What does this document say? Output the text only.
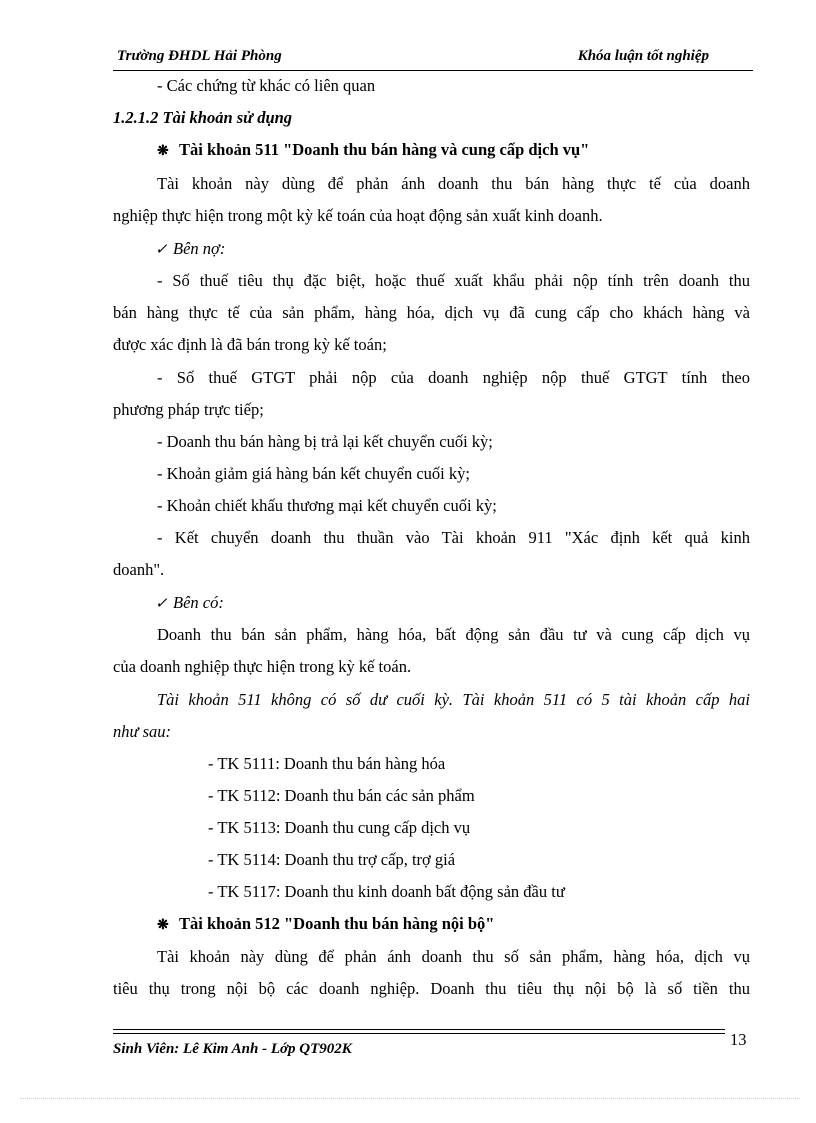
Trường ĐHDL Hải Phòng	Khóa luận tốt nghiệp
- Các chứng từ khác có liên quan
1.2.1.2 Tài khoản sử dụng
❋ Tài khoản 511 "Doanh thu bán hàng và cung cấp dịch vụ"
Tài khoản này dùng để phản ánh doanh thu bán hàng thực tế của doanh
nghiệp thực hiện trong một kỳ kế toán của hoạt động sản xuất kinh doanh.
✓ Bên nợ:
- Số thuế tiêu thụ đặc biệt, hoặc thuế xuất khẩu phải nộp tính trên doanh thu
bán hàng thực tế của sản phẩm, hàng hóa, dịch vụ đã cung cấp cho khách hàng và
được xác định là đã bán trong kỳ kế toán;
- Số thuế GTGT phải nộp của doanh nghiệp nộp thuế GTGT tính theo
phương pháp trực tiếp;
- Doanh thu bán hàng bị trả lại kết chuyển cuối kỳ;
- Khoản giảm giá hàng bán kết chuyển cuối kỳ;
- Khoản chiết khấu thương mại kết chuyển cuối kỳ;
- Kết chuyển doanh thu thuần vào Tài khoản 911 "Xác định kết quả kinh
doanh".
✓ Bên có:
Doanh thu bán sản phẩm, hàng hóa, bất động sản đầu tư và cung cấp dịch vụ
của doanh nghiệp thực hiện trong kỳ kế toán.
Tài khoản 511 không có số dư cuối kỳ. Tài khoản 511 có 5 tài khoản cấp hai
như sau:
- TK 5111: Doanh thu bán hàng hóa
- TK 5112: Doanh thu bán các sản phẩm
- TK 5113: Doanh thu cung cấp dịch vụ
- TK 5114: Doanh thu trợ cấp, trợ giá
- TK 5117: Doanh thu kinh doanh bất động sản đầu tư
❋ Tài khoản 512 "Doanh thu bán hàng nội bộ"
Tài khoản này dùng để phản ánh doanh thu số sản phẩm, hàng hóa, dịch vụ
tiêu thụ trong nội bộ các doanh nghiệp. Doanh thu tiêu thụ nội bộ là số tiền thu
Sinh Viên: Lê Kim Anh - Lớp QT902K	13
